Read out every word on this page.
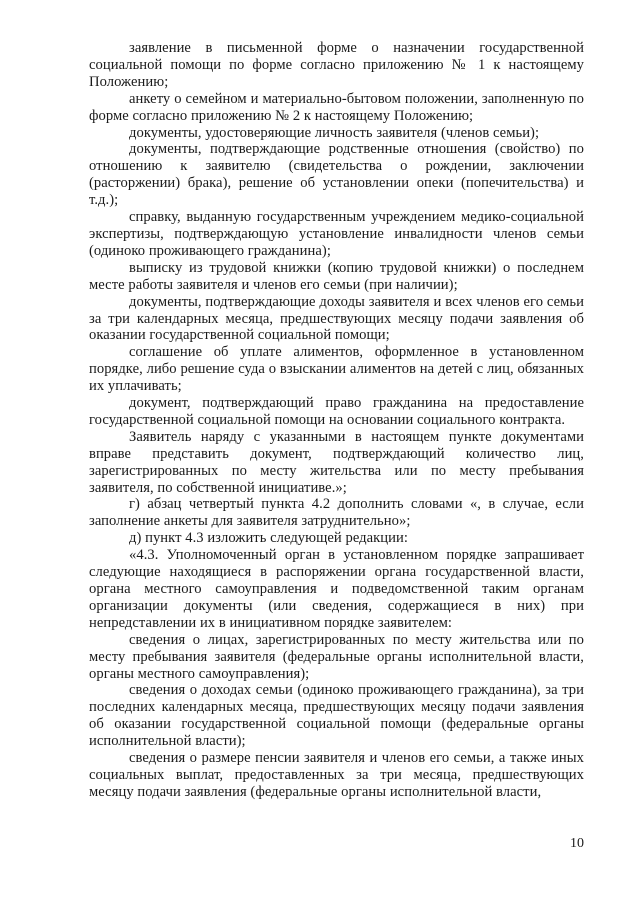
заявление в письменной форме о назначении государственной социальной помощи по форме согласно приложению № 1 к настоящему Положению;

анкету о семейном и материально-бытовом положении, заполненную по форме согласно приложению № 2 к настоящему Положению;

документы, удостоверяющие личность заявителя (членов семьи);

документы, подтверждающие родственные отношения (свойство) по отношению к заявителю (свидетельства о рождении, заключении (расторжении) брака), решение об установлении опеки (попечительства) и т.д.);

справку, выданную государственным учреждением медико-социальной экспертизы, подтверждающую установление инвалидности членов семьи (одиноко проживающего гражданина);

выписку из трудовой книжки (копию трудовой книжки) о последнем месте работы заявителя и членов его семьи (при наличии);

документы, подтверждающие доходы заявителя и всех членов его семьи за три календарных месяца, предшествующих месяцу подачи заявления об оказании государственной социальной помощи;

соглашение об уплате алиментов, оформленное в установленном порядке, либо решение суда о взыскании алиментов на детей с лиц, обязанных их уплачивать;

документ, подтверждающий право гражданина на предоставление государственной социальной помощи на основании социального контракта.

Заявитель наряду с указанными в настоящем пункте документами вправе представить документ, подтверждающий количество лиц, зарегистрированных по месту жительства или по месту пребывания заявителя, по собственной инициативе.»;

г) абзац четвертый пункта 4.2 дополнить словами «, в случае, если заполнение анкеты для заявителя затруднительно»;

д) пункт 4.3 изложить следующей редакции:

«4.3. Уполномоченный орган в установленном порядке запрашивает следующие находящиеся в распоряжении органа государственной власти, органа местного самоуправления и подведомственной таким органам организации документы (или сведения, содержащиеся в них) при непредставлении их в инициативном порядке заявителем:

сведения о лицах, зарегистрированных по месту жительства или по месту пребывания заявителя (федеральные органы исполнительной власти, органы местного самоуправления);

сведения о доходах семьи (одиноко проживающего гражданина), за три последних календарных месяца, предшествующих месяцу подачи заявления об оказании государственной социальной помощи (федеральные органы исполнительной власти);

сведения о размере пенсии заявителя и членов его семьи, а также иных социальных выплат, предоставленных за три месяца, предшествующих месяцу подачи заявления (федеральные органы исполнительной власти,

10
